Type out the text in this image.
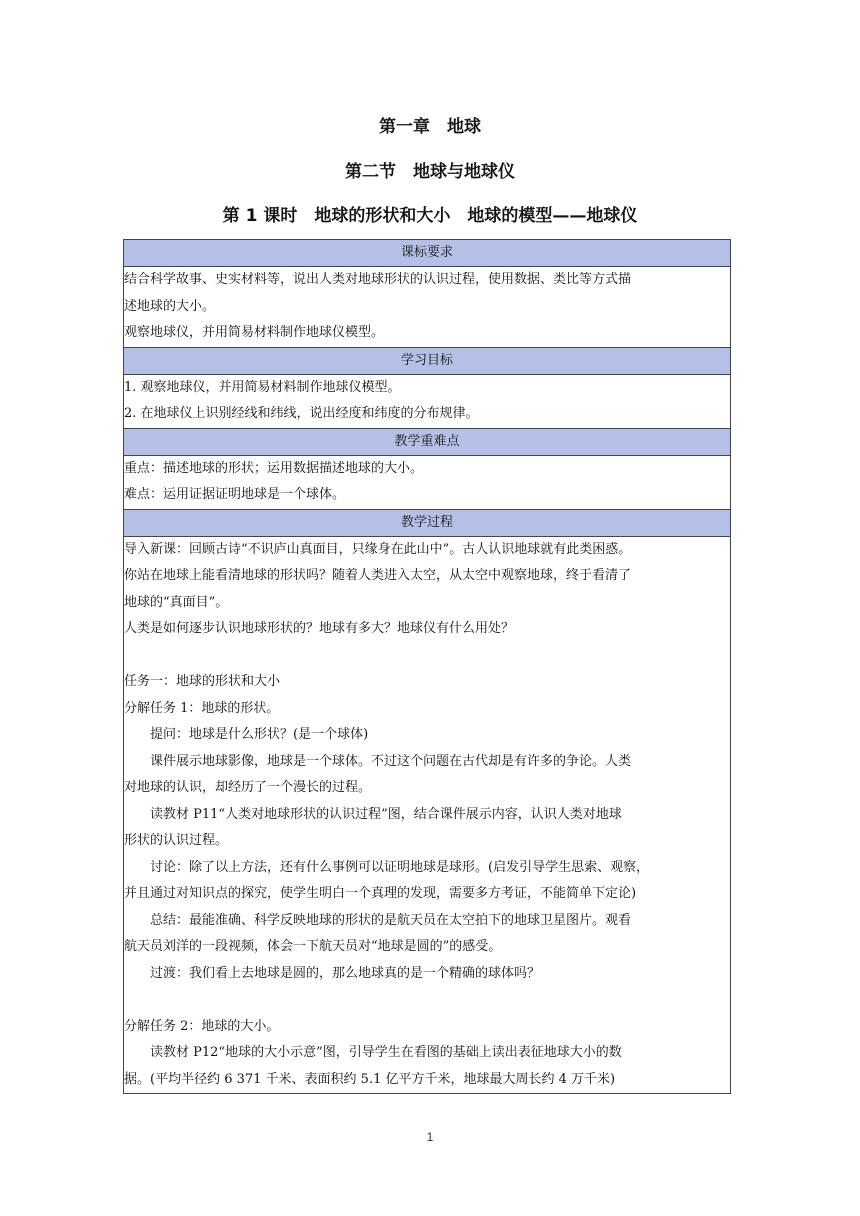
第一章　地球
第二节　地球与地球仪
第 1 课时　地球的形状和大小　地球的模型——地球仪
课标要求

结合科学故事、史实材料等，说出人类对地球形状的认识过程，使用数据、类比等方式描
述地球的大小。
观察地球仪，并用简易材料制作地球仪模型。

学习目标

1. 观察地球仪，并用简易材料制作地球仪模型。
2. 在地球仪上识别经线和纬线，说出经度和纬度的分布规律。

教学重难点

重点：描述地球的形状；运用数据描述地球的大小。
难点：运用证据证明地球是一个球体。

教学过程

导入新课：回顾古诗“不识庐山真面目，只缘身在此山中”。古人认识地球就有此类困惑。
你站在地球上能看清地球的形状吗？随着人类进入太空，从太空中观察地球，终于看清了
地球的“真面目”。
人类是如何逐步认识地球形状的？地球有多大？地球仪有什么用处？
任务一：地球的形状和大小
分解任务 1：地球的形状。
提问：地球是什么形状？(是一个球体)
课件展示地球影像，地球是一个球体。不过这个问题在古代却是有许多的争论。人类
对地球的认识，却经历了一个漫长的过程。
读教材 P11“人类对地球形状的认识过程”图，结合课件展示内容，认识人类对地球
形状的认识过程。
讨论：除了以上方法，还有什么事例可以证明地球是球形。(启发引导学生思索、观察，
并且通过对知识点的探究，使学生明白一个真理的发现，需要多方考证，不能简单下定论)
总结：最能准确、科学反映地球的形状的是航天员在太空拍下的地球卫星图片。观看
航天员刘洋的一段视频，体会一下航天员对“地球是圆的”的感受。
过渡：我们看上去地球是圆的，那么地球真的是一个精确的球体吗？
分解任务 2：地球的大小。
读教材 P12“地球的大小示意”图，引导学生在看图的基础上读出表征地球大小的数
据。(平均半径约 6 371 千米、表面积约 5.1 亿平方千米，地球最大周长约 4 万千米)
1
